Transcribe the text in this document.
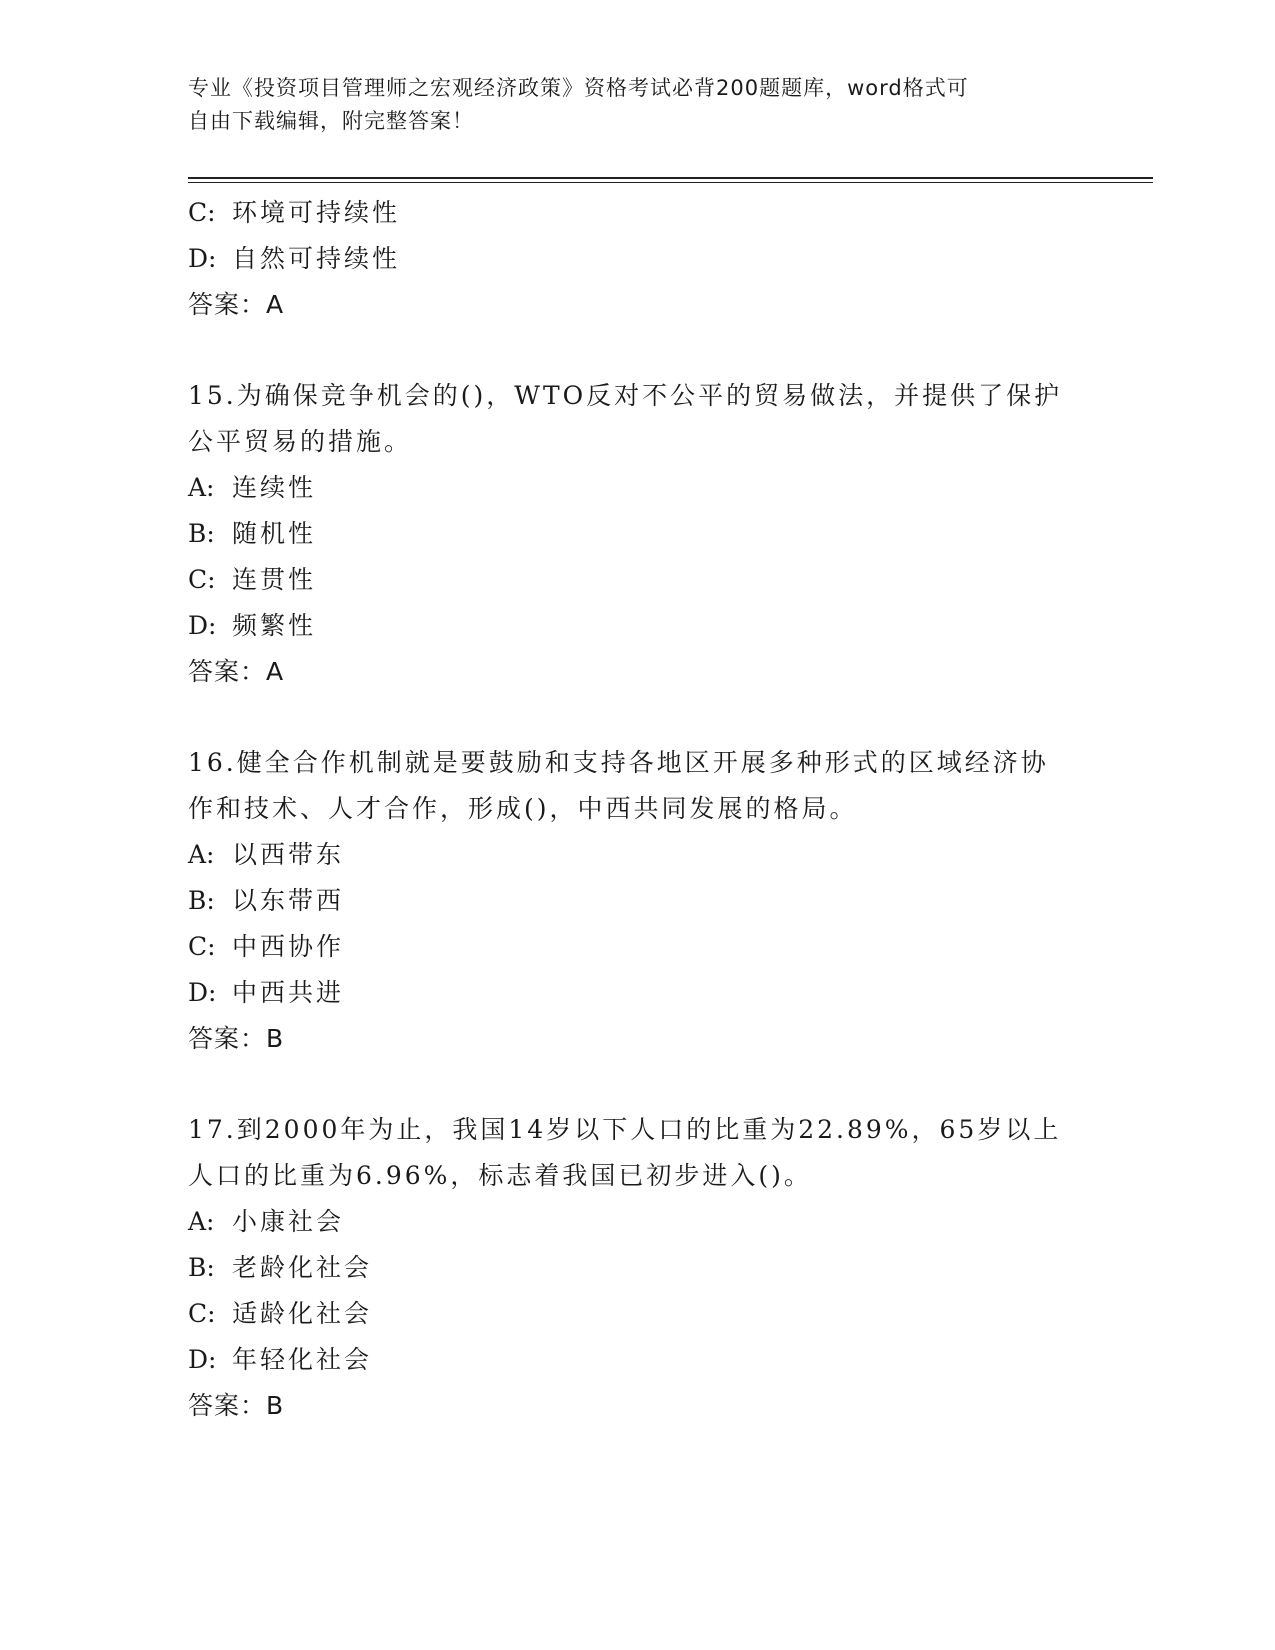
专业《投资项目管理师之宏观经济政策》资格考试必背200题题库，word格式可
自由下载编辑，附完整答案！
C: 环境可持续性
D: 自然可持续性
答案：A
15.为确保竞争机会的()，WTO反对不公平的贸易做法，并提供了保护
公平贸易的措施。
A: 连续性
B: 随机性
C: 连贯性
D: 频繁性
答案：A
16.健全合作机制就是要鼓励和支持各地区开展多种形式的区域经济协
作和技术、人才合作，形成()，中西共同发展的格局。
A: 以西带东
B: 以东带西
C: 中西协作
D: 中西共进
答案：B
17.到2000年为止，我国14岁以下人口的比重为22.89%，65岁以上
人口的比重为6.96%，标志着我国已初步进入()。
A: 小康社会
B: 老龄化社会
C: 适龄化社会
D: 年轻化社会
答案：B
